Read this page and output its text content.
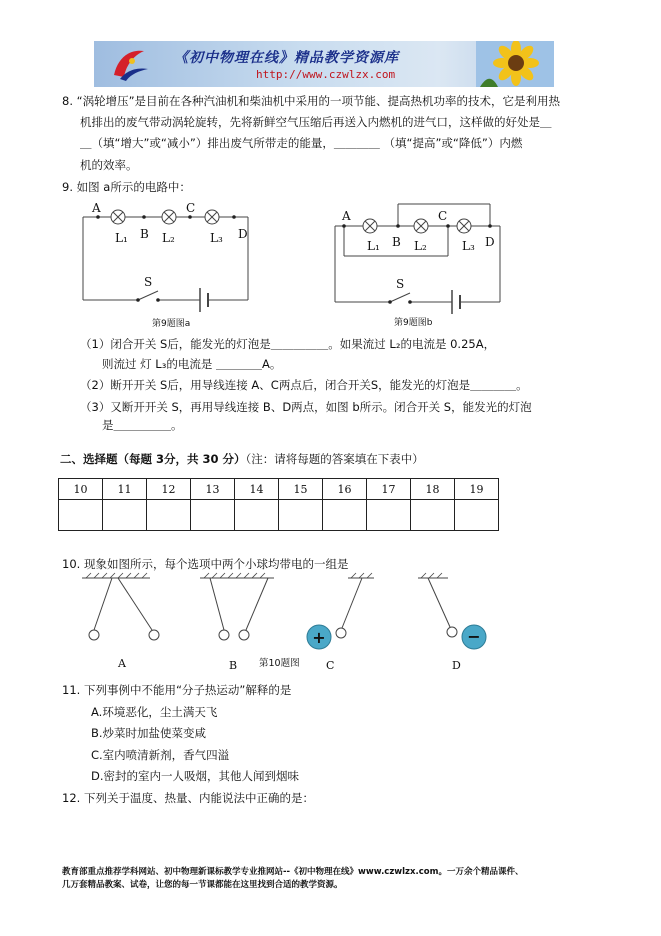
《初中物理在线》精品教学资源库
http://www.czwlzx.com
8. “涡轮增压”是目前在各种汽油机和柴油机中采用的一项节能、提高热机功率的技术，它是利用热
机排出的废气带动涡轮旋转，先将新鲜空气压缩后再送入内燃机的进气口，这样做的好处是＿
＿（填“增大”或“减小”）排出废气所带走的能量，＿＿＿＿ （填“提高”或“降低”）内燃
机的效率。
9. 如图 a所示的电路中：
A
B
C
D
L₁	L₂	L₃
S
第9题图a
A
B
C
D
L₁	L₂	L₃
S
第9题图b
（1）闭合开关 S后，能发光的灯泡是＿＿＿＿＿。如果流过 L₂的电流是 0.25A，
则流过 灯 L₃的电流是 ＿＿＿＿A。
（2）断开开关 S后，用导线连接 A、C两点后，闭合开关S，能发光的灯泡是＿＿＿＿。
（3）又断开开关 S，再用导线连接 B、D两点，如图 b所示。闭合开关 S，能发光的灯泡
是＿＿＿＿＿。
二、选择题（每题 3分，共 30 分）（注：请将每题的答案填在下表中）
10	11	12	13	14	15	16	17	18	19

10. 现象如图所示，每个选项中两个小球均带电的一组是
+	−
A	B	C	D
第10题图
11. 下列事例中不能用“分子热运动”解释的是
A.环境恶化，尘土满天飞
B.炒菜时加盐使菜变咸
C.室内喷清新剂，香气四溢
D.密封的室内一人吸烟，其他人闻到烟味
12. 下列关于温度、热量、内能说法中正确的是：
教育部重点推荐学科网站、初中物理新课标教学专业推网站--《初中物理在线》www.czwlzx.com。一万余个精品课件、
几万套精品教案、试卷，让您的每一节课都能在这里找到合适的教学资源。
